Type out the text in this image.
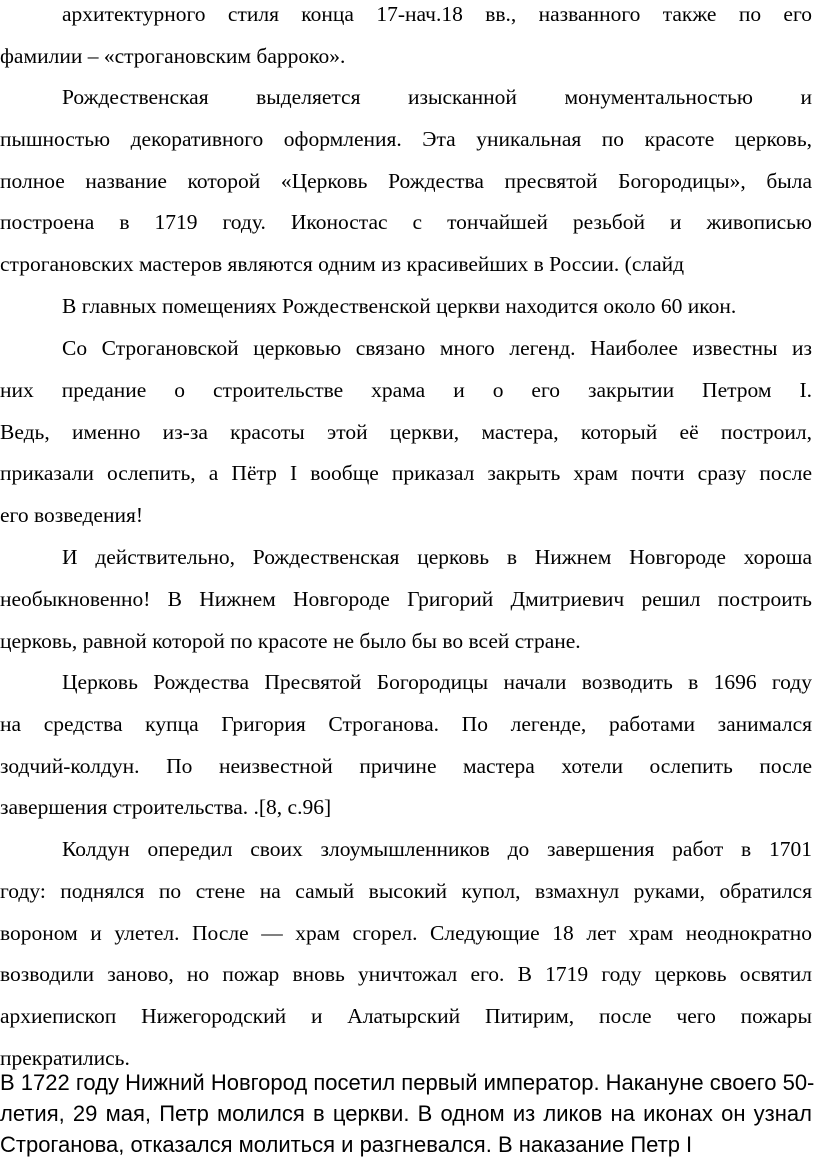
архитектурного стиля конца 17-нач.18 вв., названного также по его
фамилии – «строгановским барроко».

Рождественская выделяется изысканной монументальностью и
пышностью декоративного оформления. Эта уникальная по красоте церковь,
полное название которой «Церковь Рождества пресвятой Богородицы», была
построена в 1719 году. Иконостас с тончайшей резьбой и живописью
строгановских мастеров являются одним из красивейших в России. (слайд

В главных помещениях Рождественской церкви находится около 60 икон.

Со Строгановской церковью связано много легенд. Наиболее известны из
них предание о строительстве храма и о его закрытии Петром I.
Ведь, именно из-за красоты этой церкви, мастера, который её построил,
приказали ослепить, а Пётр I вообще приказал закрыть храм почти сразу после
его возведения!

И действительно, Рождественская церковь в Нижнем Новгороде хороша
необыкновенно! В Нижнем Новгороде Григорий Дмитриевич решил построить
церковь, равной которой по красоте не было бы во всей стране.

Церковь Рождества Пресвятой Богородицы начали возводить в 1696 году
на средства купца Григория Строганова. По легенде, работами занимался
зодчий-колдун. По неизвестной причине мастера хотели ослепить после
завершения строительства. .[8, с.96]

Колдун опередил своих злоумышленников до завершения работ в 1701
году: поднялся по стене на самый высокий купол, взмахнул руками, обратился
вороном и улетел. После — храм сгорел. Следующие 18 лет храм неоднократно
возводили заново, но пожар вновь уничтожал его. В 1719 году церковь освятил
архиепископ Нижегородский и Алатырский Питирим, после чего пожары
прекратились.

В 1722 году Нижний Новгород посетил первый император. Накануне своего 50-
летия, 29 мая, Петр молился в церкви. В одном из ликов на иконах он узнал
Строганова, отказался молиться и разгневался. В наказание Петр I
